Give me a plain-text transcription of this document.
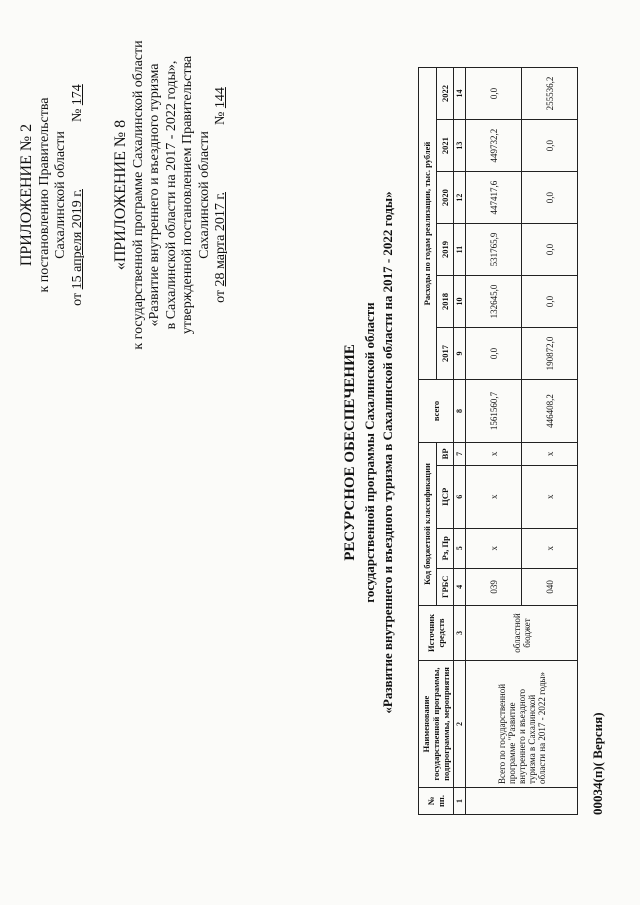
ПРИЛОЖЕНИЕ № 2 к постановлению Правительства Сахалинской области
от 15 апреля 2019 г.  № 174
«ПРИЛОЖЕНИЕ № 8 к государственной программе Сахалинской области «Развитие внутреннего и въездного туризма в Сахалинской области на 2017 - 2022 годы», утвержденной постановлением Правительства Сахалинской области
от 28 марта 2017 г.  № 144
РЕСУРСНОЕ ОБЕСПЕЧЕНИЕ государственной программы Сахалинской области «Развитие внутреннего и въездного туризма в Сахалинской области на 2017 - 2022 годы»
№ пп.	Наименование государственной программы, подпрограммы, мероприятия	Источник средств	Код бюджетной классификации				всего	Расходы по годам реализации, тыс. рублей					
			ГРБС	Рз, Пр	ЦСР	ВР		2017	2018	2019	2020	2021	2022
1	2	3	4	5	6	7	8	9	10	11	12	13	14
	Всего по государственной программе "Развитие внутреннего и въездного туризма в Сахалинской области на 2017 - 2022 годы»	областной бюджет	039	х	х	х	1561560,7	0,0	132645,0	531765,9	447417,6	449732,2	0,0
			040	х	х	х	446408,2	190872,0	0,0	0,0	0,0	0,0	255536,2
00034(п)( Версия)
